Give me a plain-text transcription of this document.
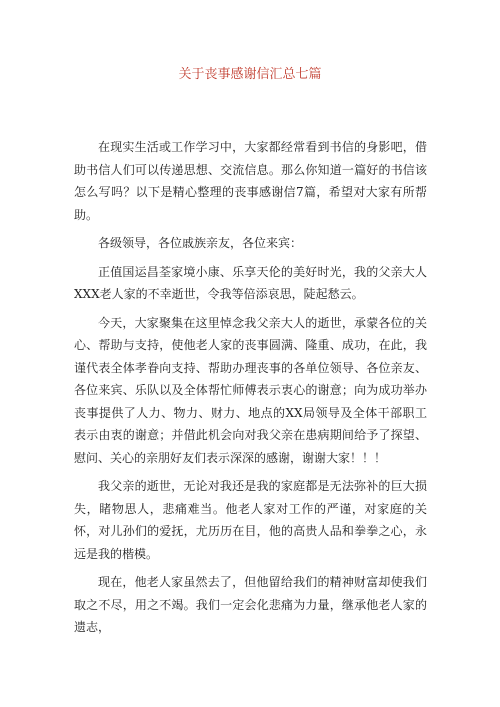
关于丧事感谢信汇总七篇

在现实生活或工作学习中，大家都经常看到书信的身影吧，借助书信人们可以传递思想、交流信息。那么你知道一篇好的书信该怎么写吗？以下是精心整理的丧事感谢信7篇，希望对大家有所帮助。

各级领导，各位戚族亲友，各位来宾：

正值国运昌荃家境小康、乐享天伦的美好时光，我的父亲大人XXX老人家的不幸逝世，令我等倍添哀思，陡起愁云。

今天，大家聚集在这里悼念我父亲大人的逝世，承蒙各位的关心、帮助与支持，使他老人家的丧事圆满、隆重、成功，在此，我谨代表全体孝眷向支持、帮助办理丧事的各单位领导、各位亲友、各位来宾、乐队以及全体帮忙师傅表示衷心的谢意；向为成功举办丧事提供了人力、物力、财力、地点的XX局领导及全体干部职工表示由衷的谢意；并借此机会向对我父亲在患病期间给予了探望、慰问、关心的亲朋好友们表示深深的感谢，谢谢大家！！！

我父亲的逝世，无论对我还是我的家庭都是无法弥补的巨大损失，睹物思人，悲痛难当。他老人家对工作的严谨，对家庭的关怀，对儿孙们的爱抚，尤历历在目，他的高贵人品和拳拳之心，永远是我的楷模。

现在，他老人家虽然去了，但他留给我们的精神财富却使我们取之不尽，用之不竭。我们一定会化悲痛为力量，继承他老人家的遗志，
